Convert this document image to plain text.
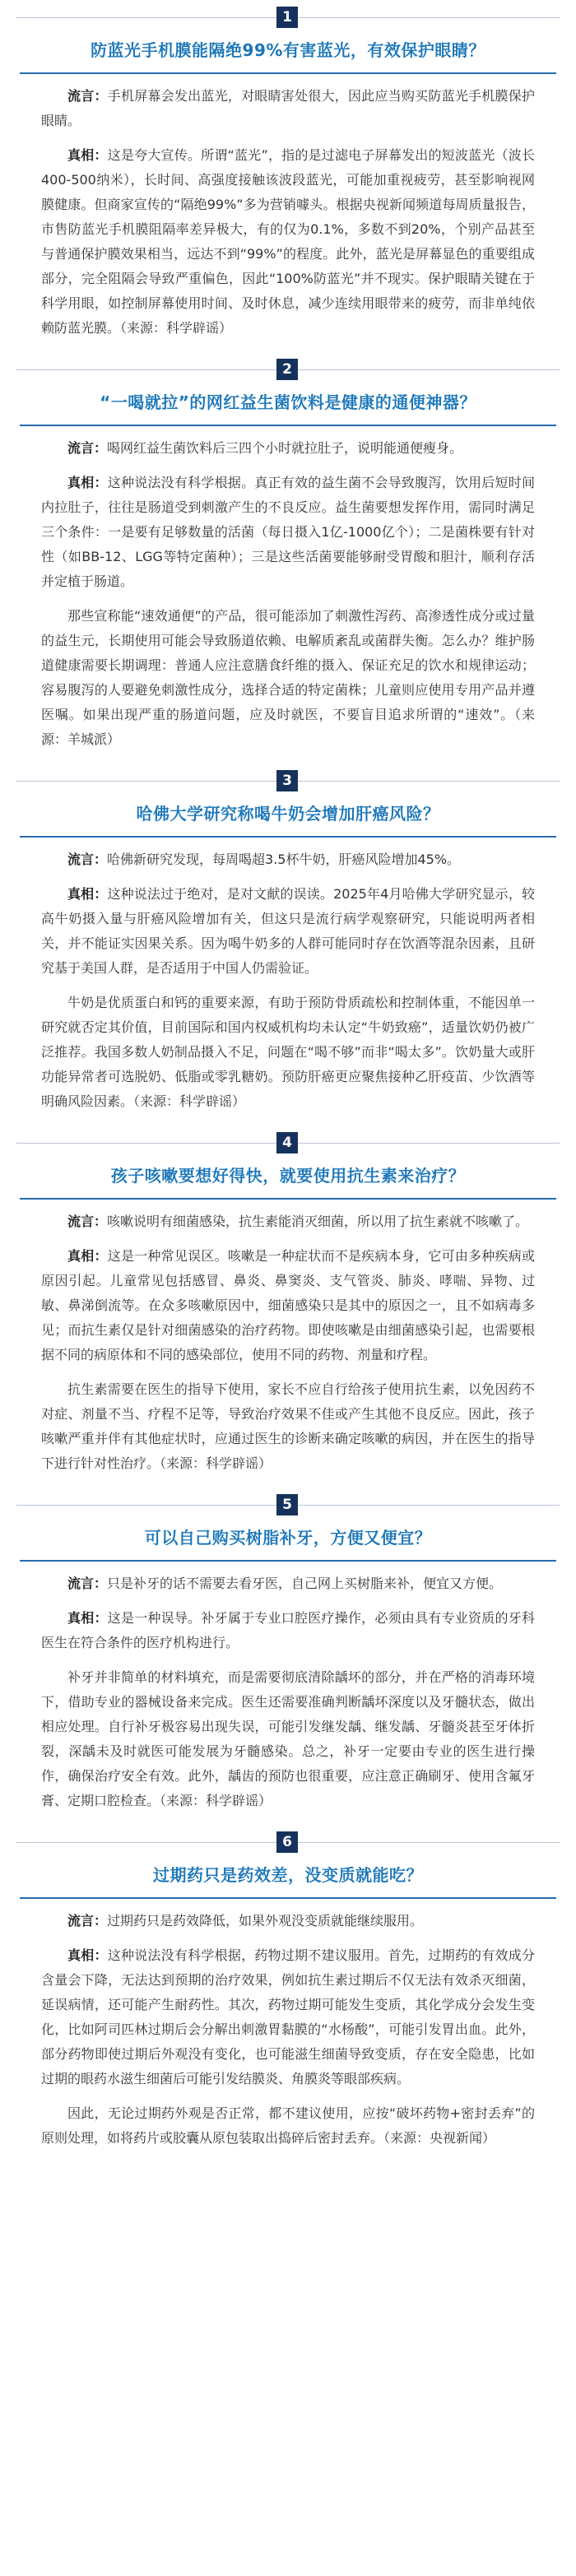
1
防蓝光手机膜能隔绝99%有害蓝光，有效保护眼睛？
流言：手机屏幕会发出蓝光，对眼睛害处很大，因此应当购买防蓝光手机膜保护眼睛。
真相：这是夸大宣传。所谓“蓝光”，指的是过滤电子屏幕发出的短波蓝光（波长400-500纳米），长时间、高强度接触该波段蓝光，可能加重视疲劳，甚至影响视网膜健康。但商家宣传的“隔绝99%”多为营销噱头。根据央视新闻频道每周质量报告，市售防蓝光手机膜阻隔率差异极大，有的仅为0.1%，多数不到20%，个别产品甚至与普通保护膜效果相当，远达不到“99%”的程度。此外，蓝光是屏幕显色的重要组成部分，完全阻隔会导致严重偏色，因此“100%防蓝光”并不现实。保护眼睛关键在于科学用眼，如控制屏幕使用时间、及时休息，减少连续用眼带来的疲劳，而非单纯依赖防蓝光膜。（来源：科学辟谣）
2
“一喝就拉”的网红益生菌饮料是健康的通便神器？
流言：喝网红益生菌饮料后三四个小时就拉肚子，说明能通便瘦身。
真相：这种说法没有科学根据。真正有效的益生菌不会导致腹泻，饮用后短时间内拉肚子，往往是肠道受到刺激产生的不良反应。益生菌要想发挥作用，需同时满足三个条件：一是要有足够数量的活菌（每日摄入1亿-1000亿个）；二是菌株要有针对性（如BB-12、LGG等特定菌种）；三是这些活菌要能够耐受胃酸和胆汁，顺利存活并定植于肠道。
那些宣称能“速效通便”的产品，很可能添加了刺激性泻药、高渗透性成分或过量的益生元，长期使用可能会导致肠道依赖、电解质紊乱或菌群失衡。怎么办？维护肠道健康需要长期调理：普通人应注意膳食纤维的摄入、保证充足的饮水和规律运动；容易腹泻的人要避免刺激性成分，选择合适的特定菌株；儿童则应使用专用产品并遵医嘱。如果出现严重的肠道问题，应及时就医，不要盲目追求所谓的“速效”。（来源：羊城派）
3
哈佛大学研究称喝牛奶会增加肝癌风险？
流言：哈佛新研究发现，每周喝超3.5杯牛奶，肝癌风险增加45%。
真相：这种说法过于绝对，是对文献的误读。2025年4月哈佛大学研究显示，较高牛奶摄入量与肝癌风险增加有关，但这只是流行病学观察研究，只能说明两者相关，并不能证实因果关系。因为喝牛奶多的人群可能同时存在饮酒等混杂因素，且研究基于美国人群，是否适用于中国人仍需验证。
牛奶是优质蛋白和钙的重要来源，有助于预防骨质疏松和控制体重，不能因单一研究就否定其价值，目前国际和国内权威机构均未认定“牛奶致癌”，适量饮奶仍被广泛推荐。我国多数人奶制品摄入不足，问题在“喝不够”而非“喝太多”。饮奶量大或肝功能异常者可选脱奶、低脂或零乳糖奶。预防肝癌更应聚焦接种乙肝疫苗、少饮酒等明确风险因素。（来源：科学辟谣）
4
孩子咳嗽要想好得快，就要使用抗生素来治疗？
流言：咳嗽说明有细菌感染，抗生素能消灭细菌，所以用了抗生素就不咳嗽了。
真相：这是一种常见误区。咳嗽是一种症状而不是疾病本身，它可由多种疾病或原因引起。儿童常见包括感冒、鼻炎、鼻窦炎、支气管炎、肺炎、哮喘、异物、过敏、鼻涕倒流等。在众多咳嗽原因中，细菌感染只是其中的原因之一，且不如病毒多见；而抗生素仅是针对细菌感染的治疗药物。即使咳嗽是由细菌感染引起，也需要根据不同的病原体和不同的感染部位，使用不同的药物、剂量和疗程。
抗生素需要在医生的指导下使用，家长不应自行给孩子使用抗生素，以免因药不对症、剂量不当、疗程不足等，导致治疗效果不佳或产生其他不良反应。因此，孩子咳嗽严重并伴有其他症状时，应通过医生的诊断来确定咳嗽的病因，并在医生的指导下进行针对性治疗。（来源：科学辟谣）
5
可以自己购买树脂补牙，方便又便宜？
流言：只是补牙的话不需要去看牙医，自己网上买树脂来补，便宜又方便。
真相：这是一种误导。补牙属于专业口腔医疗操作，必须由具有专业资质的牙科医生在符合条件的医疗机构进行。
补牙并非简单的材料填充，而是需要彻底清除龋坏的部分，并在严格的消毒环境下，借助专业的器械设备来完成。医生还需要准确判断龋坏深度以及牙髓状态，做出相应处理。自行补牙极容易出现失误，可能引发继发龋、继发龋、牙髓炎甚至牙体折裂，深龋未及时就医可能发展为牙髓感染。总之，补牙一定要由专业的医生进行操作，确保治疗安全有效。此外，龋齿的预防也很重要，应注意正确刷牙、使用含氟牙膏、定期口腔检查。（来源：科学辟谣）
6
过期药只是药效差，没变质就能吃？
流言：过期药只是药效降低，如果外观没变质就能继续服用。
真相：这种说法没有科学根据，药物过期不建议服用。首先，过期药的有效成分含量会下降，无法达到预期的治疗效果，例如抗生素过期后不仅无法有效杀灭细菌，延误病情，还可能产生耐药性。其次，药物过期可能发生变质，其化学成分会发生变化，比如阿司匹林过期后会分解出刺激胃黏膜的“水杨酸”，可能引发胃出血。此外，部分药物即使过期后外观没有变化，也可能滋生细菌导致变质，存在安全隐患，比如过期的眼药水滋生细菌后可能引发结膜炎、角膜炎等眼部疾病。
因此，无论过期药外观是否正常，都不建议使用，应按“破坏药物+密封丢弃”的原则处理，如将药片或胶囊从原包装取出捣碎后密封丢弃。（来源：央视新闻）
